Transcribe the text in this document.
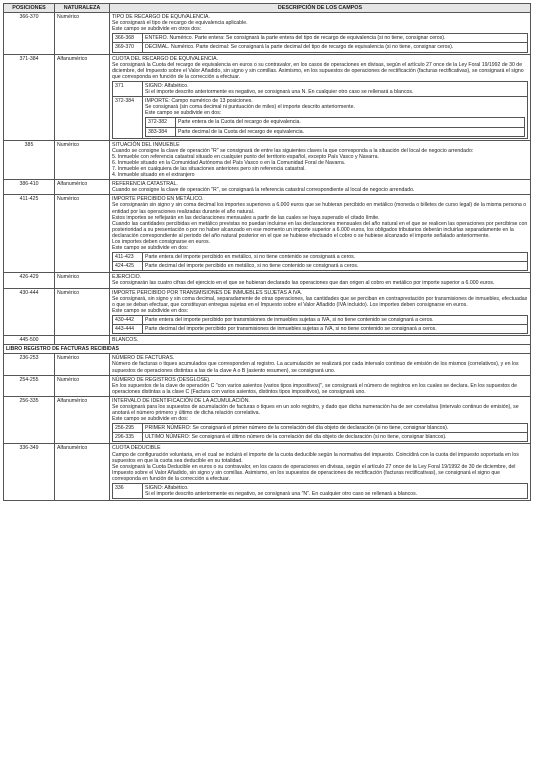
POSICIONES	NATURALEZA	DESCRIPCIÓN DE LOS CAMPOS
366-370	Numérico	TIPO DE RECARGO DE EQUIVALENCIA.
Se consignará el tipo de recargo de equivalencia aplicable.
Este campo se subdivide en otros dos:
366-368	ENTERO. Numérico. Parte entera: Se consignará la parte entera del tipo de recargo de equivalencia (si no tiene, consignar ceros).

369-370	DECIMAL. Numérico. Parte decimal: Se consignará la parte decimal del tipo de recargo de equivalencia (si no tiene, consignar ceros).

371-384	Alfanumérico	CUOTA DEL RECARGO DE EQUIVALENCIA.
Se consignará la Cuota del recargo de equivalencia en euros o su contravalor, en los casos de operaciones en divisas, según el artículo 27 once de la Ley Foral 19/1992 de 30 de diciembre, del Impuesto sobre el Valor Añadido, sin signo y sin comillas. Asimismo, en los supuestos de operaciones de rectificación (facturas rectificativas), se consignará el signo que corresponda en función de la corrección a efectuar.
371	SIGNO: Alfabético.
Si el importe descrito anteriormente es negativo, se consignará una N. En cualquier otro caso se rellenará a blancos.

372-384	IMPORTE: Campo numérico de 13 posiciones.
Se consignará (sin coma decimal ni puntuación de miles) el importe descrito anteriormente.
Este campo se subdivide en dos:
372-382	Parte entera de la Cuota del recargo de equivalencia.
383-384	Parte decimal de la Cuota del recargo de equivalencia.

385	Numérico	SITUACIÓN DEL INMUEBLE
Cuando se consigne la clave de operación "R" se consignará de entre las siguientes claves la que corresponda a la situación del local de negocio arrendado:
5. Inmueble con referencia catastral situado en cualquier punto del territorio español, excepto País Vasco y Navarra.
6. Inmueble situado en la Comunidad Autónoma del País Vasco o en la Comunidad Foral de Navarra.
7. Inmueble en cualquiera de las situaciones anteriores pero sin referencia catastral.
4. Inmueble situado en el extranjero

386-410	Alfanumérico	REFERENCIA CATASTRAL.
Cuando se consigne la clave de operación "R", se consignará la referencia catastral correspondiente al local de negocio arrendado.

411-425	Numérico	IMPORTE PERCIBIDO EN METÁLICO.
Se consignarán sin signo y sin coma decimal los importes superiores a 6.000 euros que se hubieran percibido en metálico (moneda o billetes de curso legal) de la misma persona o entidad por las operaciones realizadas durante el año natural.
Estos importes se reflejarán en las declaraciones mensuales a partir de las cuales se haya superado el citado límite.
Cuando las cantidades percibidas en metálico previstas no puedan incluirse en las declaraciones mensuales del año natural en el que se realicen las operaciones por percibirse con posterioridad a su presentación o por no haber alcanzado en ese momento un importe superior a 6.000 euros, los obligados tributarios deberán incluirlas separadamente en la declaración correspondiente al periodo del año natural posterior en el que se hubiese efectuado el cobro o se hubiese alcanzado el importe señalado anteriormente.
Los importes deben consignarse en euros.
Este campo se subdivide en dos:
411-423	Parte entera del importe percibido en metálico, si no tiene contenido se consignará a ceros.

424-425	Parte decimal del importe percibido en metálico, si no tiene contenido se consignará a ceros.

426-429	Numérico	EJERCICIO.
Se consignarán las cuatro cifras del ejercicio en el que se hubieran declarado las operaciones que dan origen al cobro en metálico por importe superior a 6.000 euros.

430-444	Numérico	IMPORTE PERCIBIDO POR TRANSMISIONES DE INMUEBLES SUJETAS A IVA.
Se consignará, sin signo y sin coma decimal, separadamente de otras operaciones, las cantidades que se perciban en contraprestación por transmisiones de inmuebles, efectuadas o que se deban efectuar, que constituyan entregas sujetas en el Impuesto sobre el Valor Añadido (IVA incluido). Los importes deben consignarse en euros.
Este campo se subdivide en dos:
430-442	Parte entera del importe percibido por transmisiones de inmuebles sujetas a IVA, si no tiene contenido se consignará a ceros.

443-444	Parte decimal del importe percibido por transmisiones de inmuebles sujetas a IVA, si no tiene contenido se consignará a ceros.

445-500		BLANCOS.

LIBRO REGISTRO DE FACTURAS RECIBIDAS
236-253	Numérico	NÚMERO DE FACTURAS.
Número de facturas o tiques acumulados que corresponden al registro. La acumulación se realizará por cada intervalo continuo de emisión de los mismos (correlativos), y en los supuestos de operaciones distintas a las de la clave A o B (asiento resumen), se consignará uno.

254-255	Numérico	NÚMERO DE REGISTROS (DESGLOSE).
En los supuestos de la clave de operación C "con varios asientos (varios tipos impositivos)", se consignará el número de registros en los cuales se declara. En los supuestos de operaciones distintas a la clave C (Factura con varios asientos, distintos tipos impositivos), se consignará uno.

256-335	Alfanumérico	INTERVALO DE IDENTIFICACIÓN DE LA ACUMULACIÓN.
Se consignará para los supuestos de acumulación de facturas o tiques en un solo registro, y dado que dicha numeración ha de ser correlativa (intervalo continuo de emisión), se anotará el número primero y último de dicha relación correlativa.
Este campo se subdivide en dos:
256-295	PRIMER NÚMERO: Se consignará el primer número de la correlación del día objeto de declaración (si no tiene, consignar blancos).

296-335	ULTIMO NÚMERO: Se consignará el último número de la correlación del día objeto de declaración (si no tiene, consignar blancos).

336-349	Alfanumérico	CUOTA DEDUCIBLE
Campo de configuración voluntaria, en el cual se incluirá el importe de la cuota deducible según la normativa del impuesto. Coincidirá con la cuota del impuesto soportada en los supuestos en que la cuota sea deducible en su totalidad.
Se consignará la Cuota Deducible en euros o su contravalor, en los casos de operaciones en divisas, según el artículo 27 once de la Ley Foral 19/1992 de 30 de diciembre, del Impuesto sobre el Valor Añadido, sin signo y sin comillas. Asimismo, en los supuestos de operaciones de rectificación (facturas rectificativas), se consignará el signo que corresponda en función de la corrección a efectuar.
336	SIGNO: Alfabético.
Si el importe descrito anteriormente es negativo, se consignará una "N". En cualquier otro caso se rellenará a blancos.
